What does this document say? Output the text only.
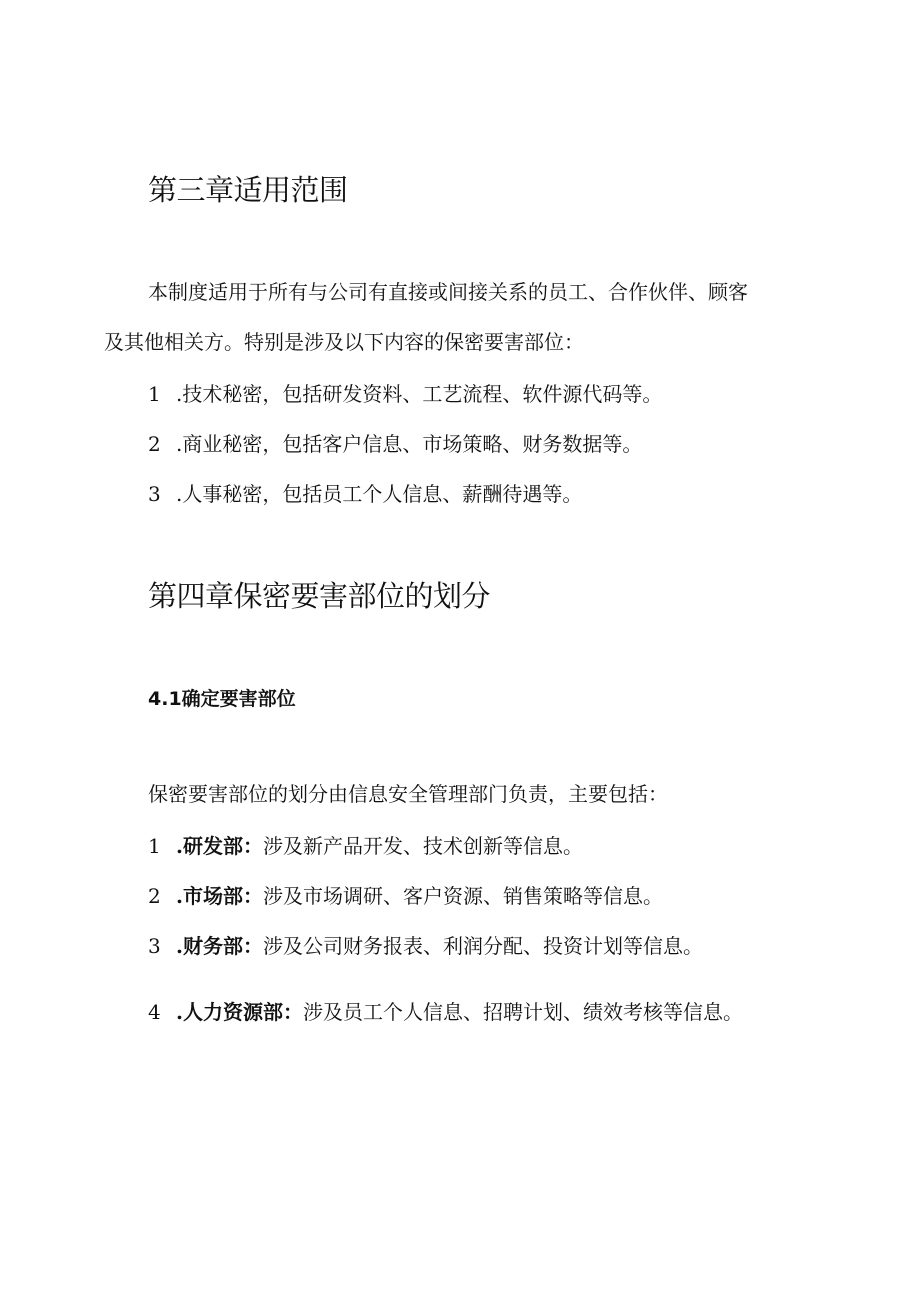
第三章适用范围
本制度适用于所有与公司有直接或间接关系的员工、合作伙伴、顾客
及其他相关方。特别是涉及以下内容的保密要害部位：
1 .技术秘密，包括研发资料、工艺流程、软件源代码等。
2 .商业秘密，包括客户信息、市场策略、财务数据等。
3 .人事秘密，包括员工个人信息、薪酬待遇等。
第四章保密要害部位的划分
4.1确定要害部位
保密要害部位的划分由信息安全管理部门负责，主要包括：
1 .研发部：涉及新产品开发、技术创新等信息。
2 .市场部：涉及市场调研、客户资源、销售策略等信息。
3 .财务部：涉及公司财务报表、利润分配、投资计划等信息。
4 .人力资源部：涉及员工个人信息、招聘计划、绩效考核等信息。
